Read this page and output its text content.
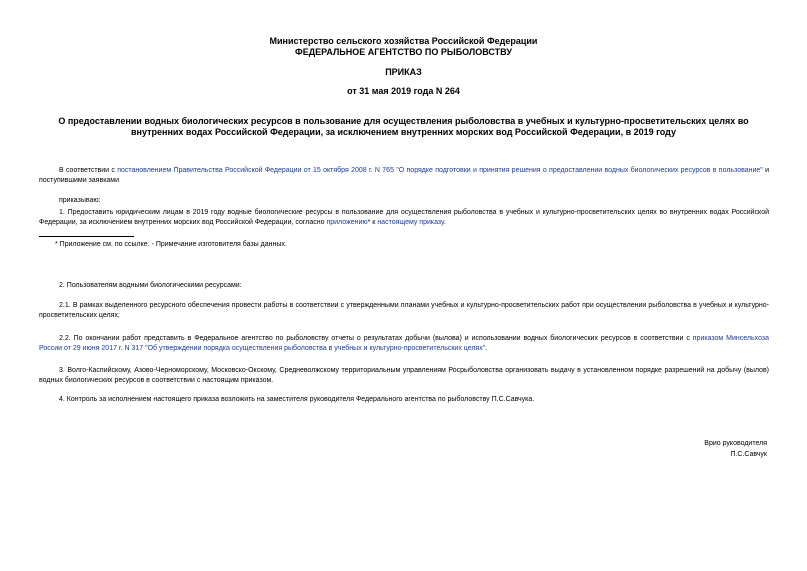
Министерство сельского хозяйства Российской Федерации
ФЕДЕРАЛЬНОЕ АГЕНТСТВО ПО РЫБОЛОВСТВУ
ПРИКАЗ
от 31 мая 2019 года N 264
О предоставлении водных биологических ресурсов в пользование для осуществления рыболовства в учебных и культурно-просветительских целях во
внутренних водах Российской Федерации, за исключением внутренних морских вод Российской Федерации, в 2019 году
В соответствии с постановлением Правительства Российской Федерации от 15 октября 2008 г. N 765 "О порядке подготовки и принятия решения о предоставлении водных биологических ресурсов в пользование" и поступившими заявками
приказываю:
1. Предоставить юридическим лицам в 2019 году водные биологические ресурсы в пользование для осуществления рыболовства в учебных и культурно-просветительских целях во внутренних водах Российской Федерации, за исключением внутренних морских вод Российской Федерации, согласно приложению* к настоящему приказу.
* Приложение см. по ссылке. - Примечание изготовителя базы данных.
2. Пользователям водными биологическими ресурсами:
2.1. В рамках выделенного ресурсного обеспечения провести работы в соответствии с утвержденными планами учебных и культурно-просветительских работ при осуществлении рыболовства в учебных и культурно-просветительских целях;
2.2. По окончании работ представить в Федеральное агентство по рыболовству отчеты о результатах добычи (вылова) и использовании водных биологических ресурсов в соответствии с приказом Минсельхоза России от 29 июня 2017 г. N 317 "Об утверждении порядка осуществления рыболовства в учебных и культурно-просветительских целях".
3. Волго-Каспийскому, Азово-Черноморскому, Московско-Окскому, Средневолжскому территориальным управлениям Росрыболовства организовать выдачу в установленном порядке разрешений на добычу (вылов) водных биологических ресурсов в соответствии с настоящим приказом.
4. Контроль за исполнением настоящего приказа возложить на заместителя руководителя Федерального агентства по рыболовству П.С.Савчука.
Врио руководителя
П.С.Савчук
